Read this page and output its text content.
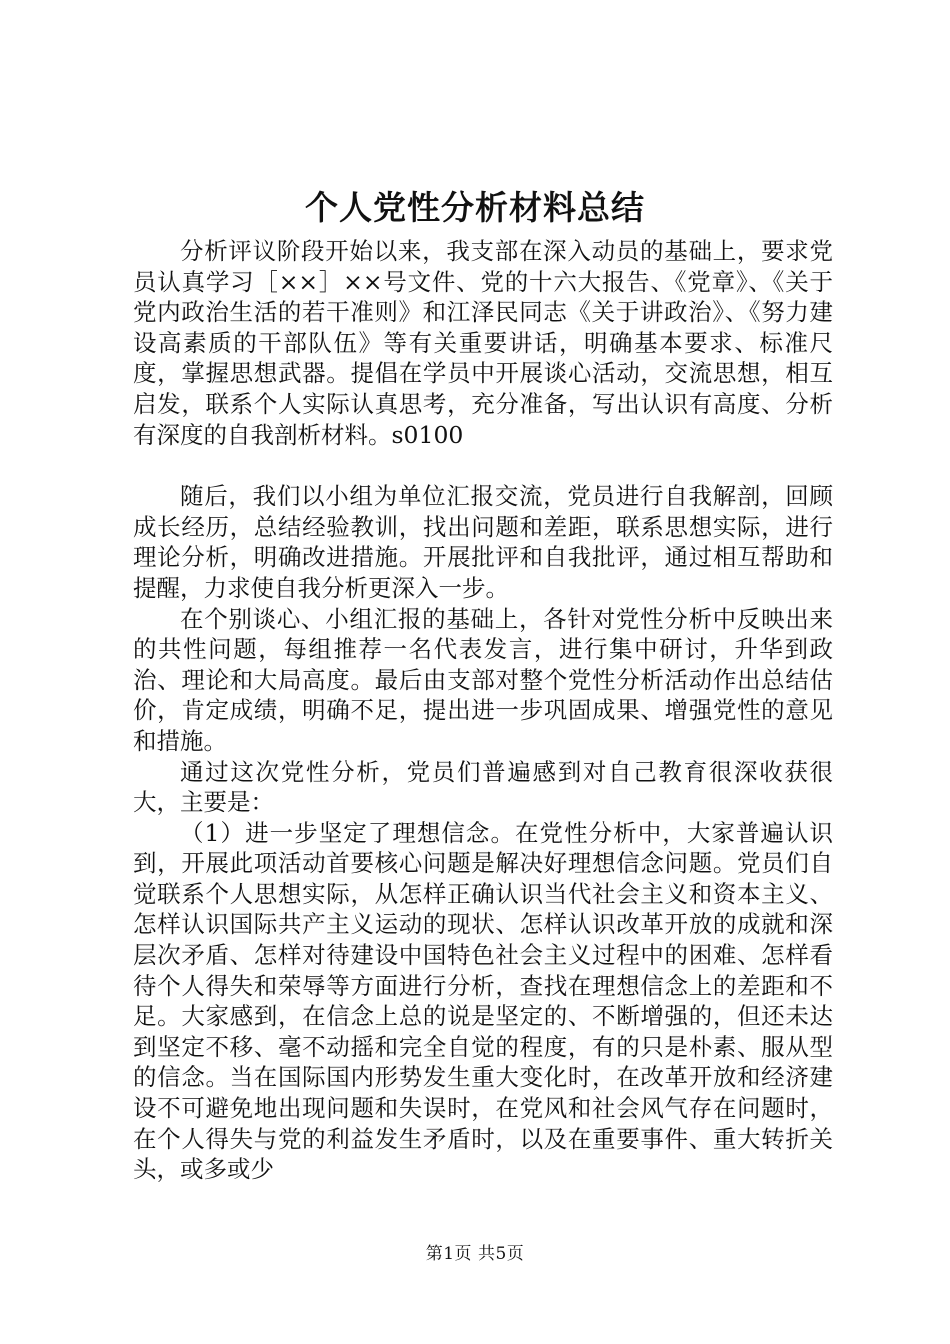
个人党性分析材料总结

分析评议阶段开始以来，我支部在深入动员的基础上，要求党员认真学习［××］××号文件、党的十六大报告、《党章》、《关于党内政治生活的若干准则》和江泽民同志《关于讲政治》、《努力建设高素质的干部队伍》等有关重要讲话，明确基本要求、标准尺度，掌握思想武器。提倡在学员中开展谈心活动，交流思想，相互启发，联系个人实际认真思考，充分准备，写出认识有高度、分析有深度的自我剖析材料。s0100

随后，我们以小组为单位汇报交流，党员进行自我解剖，回顾成长经历，总结经验教训，找出问题和差距，联系思想实际，进行理论分析，明确改进措施。开展批评和自我批评，通过相互帮助和提醒，力求使自我分析更深入一步。

在个别谈心、小组汇报的基础上，各针对党性分析中反映出来的共性问题，每组推荐一名代表发言，进行集中研讨，升华到政治、理论和大局高度。最后由支部对整个党性分析活动作出总结估价，肯定成绩，明确不足，提出进一步巩固成果、增强党性的意见和措施。

通过这次党性分析，党员们普遍感到对自己教育很深收获很大，主要是：

（1）进一步坚定了理想信念。在党性分析中，大家普遍认识到，开展此项活动首要核心问题是解决好理想信念问题。党员们自觉联系个人思想实际，从怎样正确认识当代社会主义和资本主义、怎样认识国际共产主义运动的现状、怎样认识改革开放的成就和深层次矛盾、怎样对待建设中国特色社会主义过程中的困难、怎样看待个人得失和荣辱等方面进行分析，查找在理想信念上的差距和不足。大家感到，在信念上总的说是坚定的、不断增强的，但还未达到坚定不移、毫不动摇和完全自觉的程度，有的只是朴素、服从型的信念。当在国际国内形势发生重大变化时，在改革开放和经济建设不可避免地出现问题和失误时，在党风和社会风气存在问题时，在个人得失与党的利益发生矛盾时，以及在重要事件、重大转折关头，或多或少

第1页 共5页
